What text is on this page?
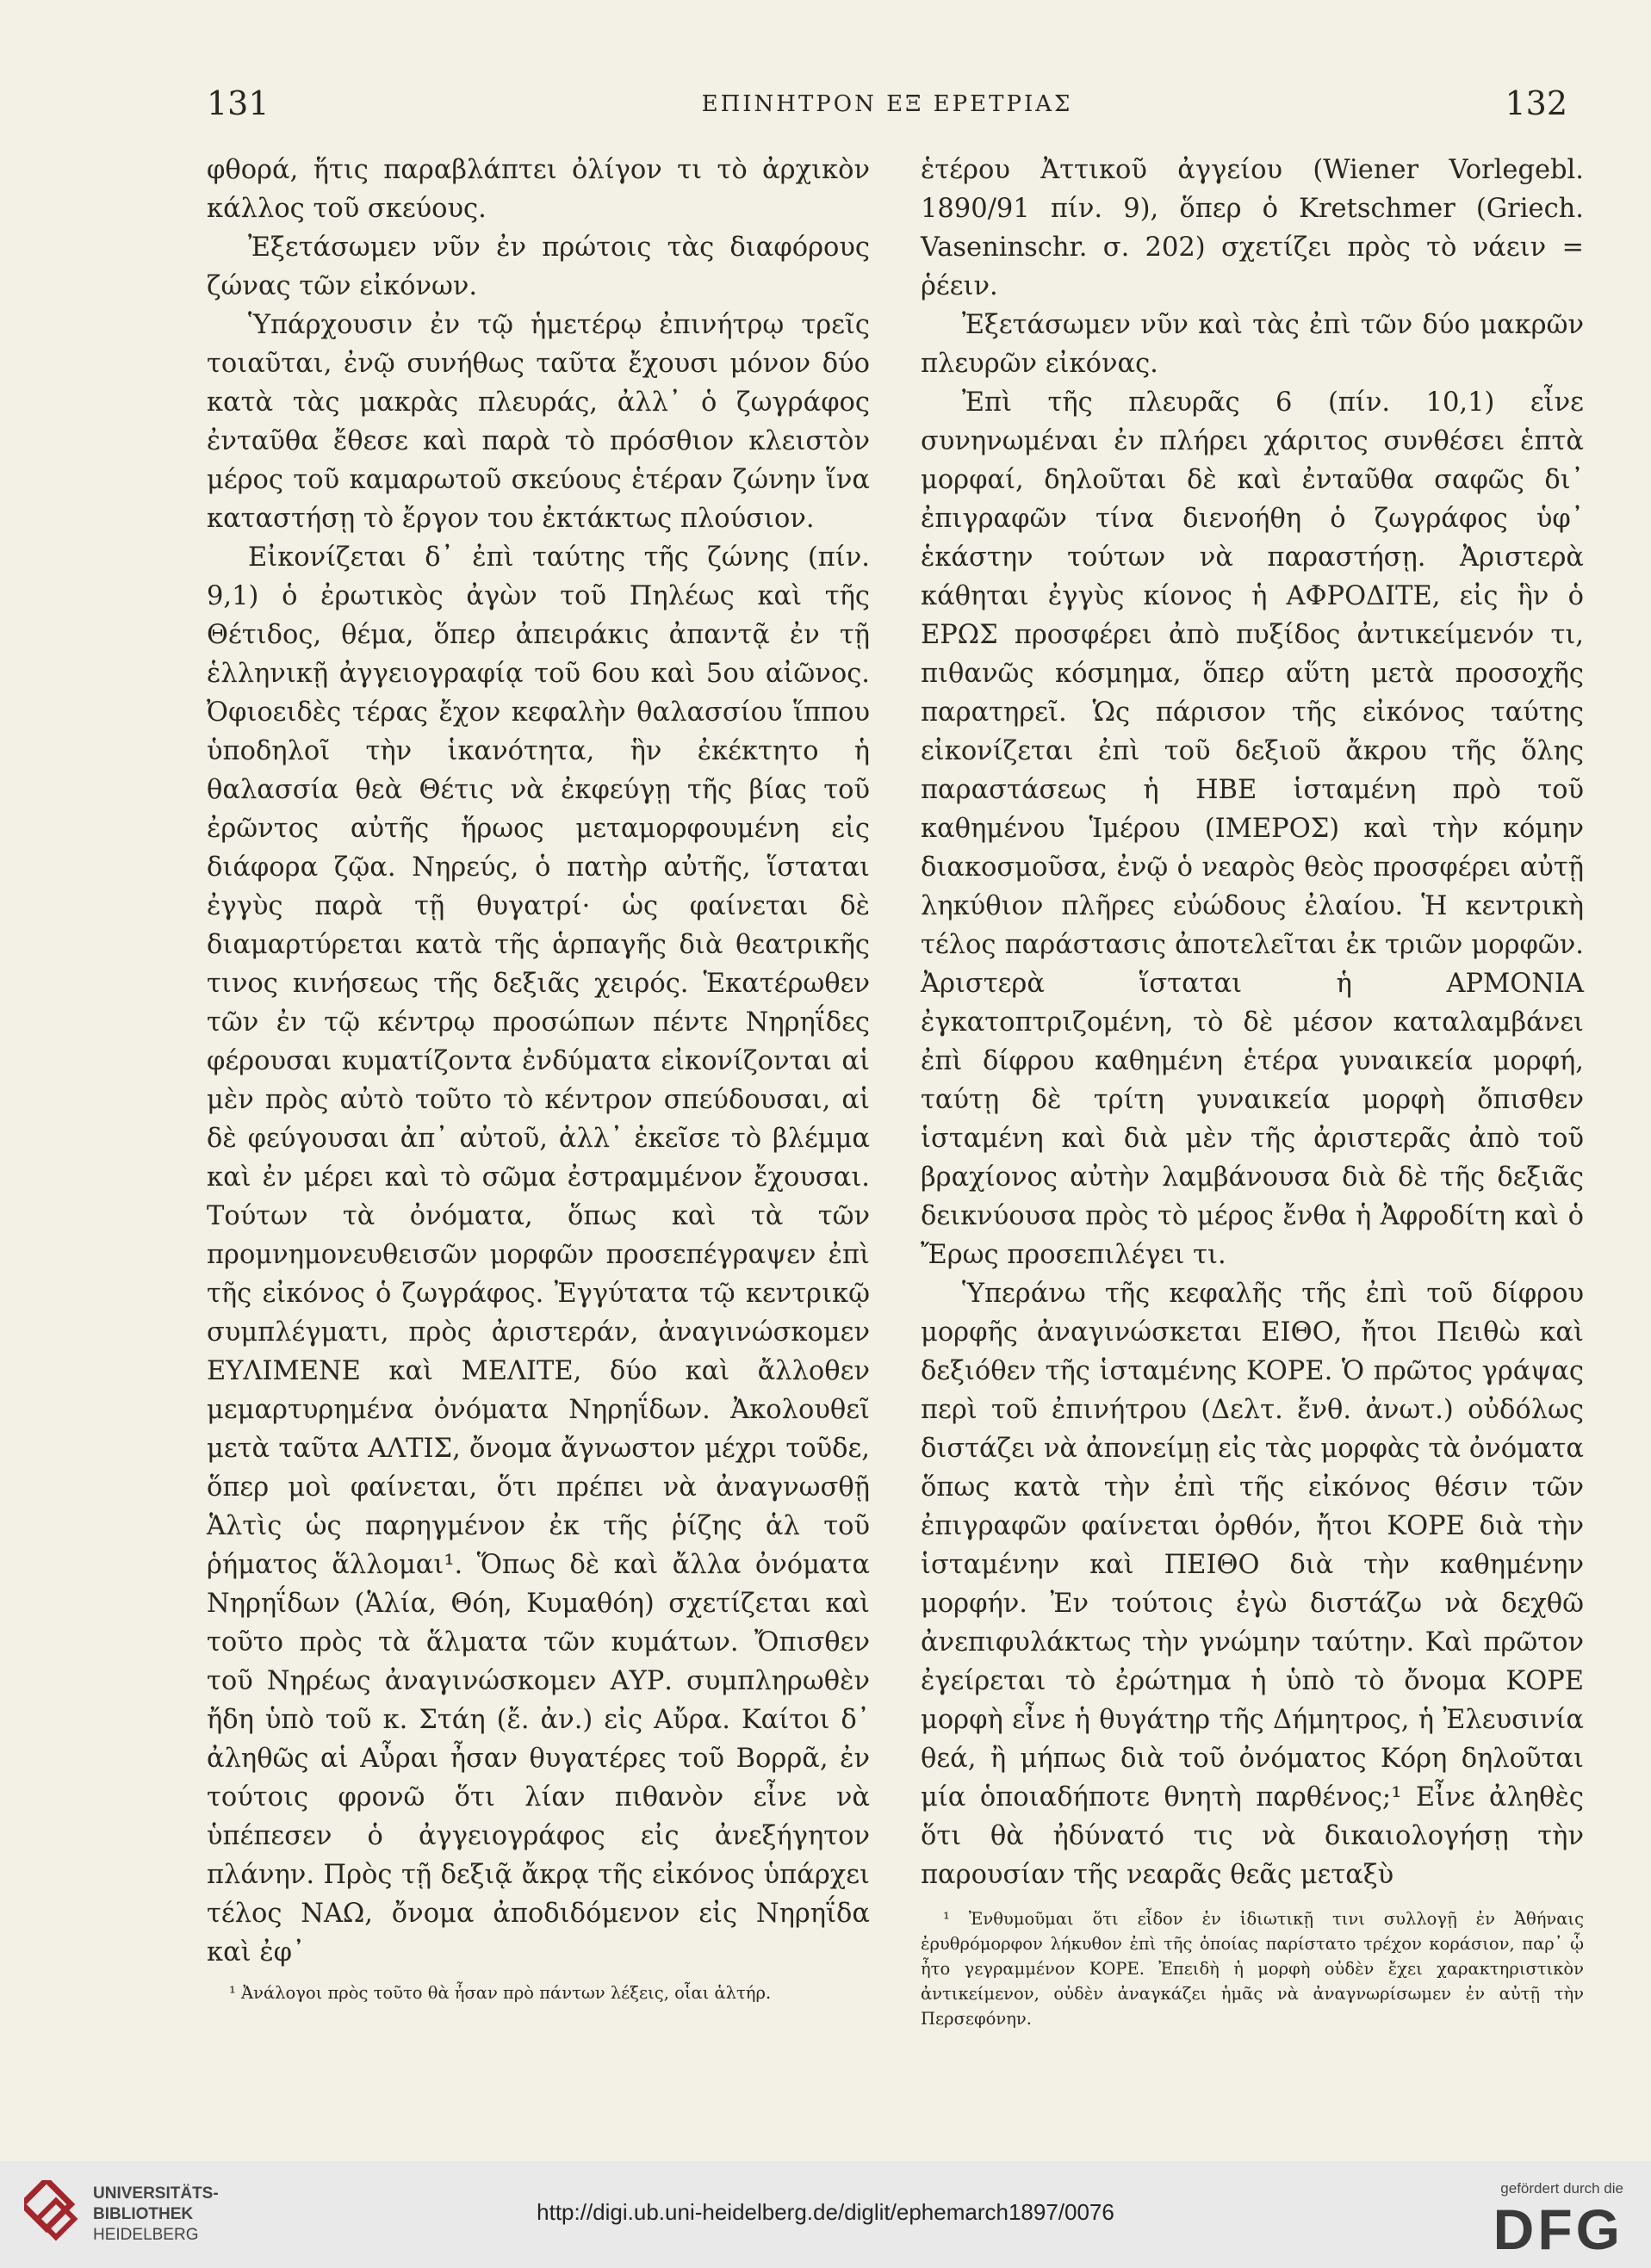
131	ΕΠΙΝΗΤΡΟΝ ΕΞ ΕΡΕΤΡΙΑΣ	132

φθορά, ἥτις παραβλάπτει ὀλίγον τι τὸ ἀρχικὸν κάλλος τοῦ σκεύους.

Ἐξετάσωμεν νῦν ἐν πρώτοις τὰς διαφόρους ζώνας τῶν εἰκόνων.

Ὑπάρχουσιν ἐν τῷ ἡμετέρῳ ἐπινήτρῳ τρεῖς τοιαῦται, ἐνῷ συνήθως ταῦτα ἔχουσι μόνον δύο κατὰ τὰς μακρὰς πλευράς, ἀλλ᾽ ὁ ζωγράφος ἐνταῦθα ἔθεσε καὶ παρὰ τὸ πρόσθιον κλειστὸν μέρος τοῦ καμαρωτοῦ σκεύους ἑτέραν ζώνην ἵνα καταστήσῃ τὸ ἔργον του ἐκτάκτως πλούσιον.

Εἰκονίζεται δ᾽ ἐπὶ ταύτης τῆς ζώνης (πίν. 9,1) ὁ ἐρωτικὸς ἀγὼν τοῦ Πηλέως καὶ τῆς Θέτιδος, θέμα, ὅπερ ἀπειράκις ἀπαντᾷ ἐν τῇ ἑλληνικῇ ἀγγειογραφίᾳ τοῦ 6ου καὶ 5ου αἰῶνος. Ὀφιοειδὲς τέρας ἔχον κεφαλὴν θαλασσίου ἵππου ὑποδηλοῖ τὴν ἱκανότητα, ἣν ἐκέκτητο ἡ θαλασσία θεὰ Θέτις νὰ ἐκφεύγῃ τῆς βίας τοῦ ἐρῶντος αὐτῆς ἥρωος μεταμορφουμένη εἰς διάφορα ζῷα. Νηρεύς, ὁ πατὴρ αὐτῆς, ἵσταται ἐγγὺς παρὰ τῇ θυγατρί· ὡς φαίνεται δὲ διαμαρτύρεται κατὰ τῆς ἁρπαγῆς διὰ θεατρικῆς τινος κινήσεως τῆς δεξιᾶς χειρός. Ἑκατέρωθεν τῶν ἐν τῷ κέντρῳ προσώπων πέντε Νηρηΐδες φέρουσαι κυματίζοντα ἐνδύματα εἰκονίζονται αἱ μὲν πρὸς αὐτὸ τοῦτο τὸ κέντρον σπεύδουσαι, αἱ δὲ φεύγουσαι ἀπ᾽ αὐτοῦ, ἀλλ᾽ ἐκεῖσε τὸ βλέμμα καὶ ἐν μέρει καὶ τὸ σῶμα ἐστραμμένον ἔχουσαι. Τούτων τὰ ὀνόματα, ὅπως καὶ τὰ τῶν προμνημονευθεισῶν μορφῶν προσεπέγραψεν ἐπὶ τῆς εἰκόνος ὁ ζωγράφος. Ἐγγύτατα τῷ κεντρικῷ συμπλέγματι, πρὸς ἀριστεράν, ἀναγινώσκομεν ΕΥΛΙΜΕΝΕ καὶ ΜΕΛΙΤΕ, δύο καὶ ἄλλοθεν μεμαρτυρημένα ὀνόματα Νηρηΐδων. Ἀκολουθεῖ μετὰ ταῦτα ΑΛΤΙΣ, ὄνομα ἄγνωστον μέχρι τοῦδε, ὅπερ μοὶ φαίνεται, ὅτι πρέπει νὰ ἀναγνωσθῇ Ἁλτὶς ὡς παρηγμένον ἐκ τῆς ῥίζης ἁλ τοῦ ῥήματος ἅλλομαι¹. Ὅπως δὲ καὶ ἄλλα ὀνόματα Νηρηΐδων (Ἁλία, Θόη, Κυμαθόη) σχετίζεται καὶ τοῦτο πρὸς τὰ ἅλματα τῶν κυμάτων. Ὄπισθεν τοῦ Νηρέως ἀναγινώσκομεν ΑΥΡ. συμπληρωθὲν ἤδη ὑπὸ τοῦ κ. Στάη (ἔ. ἀν.) εἰς Αὔρα. Καίτοι δ᾽ ἀληθῶς αἱ Αὖραι ἦσαν θυγατέρες τοῦ Βορρᾶ, ἐν τούτοις φρονῶ ὅτι λίαν πιθανὸν εἶνε νὰ ὑπέπεσεν ὁ ἀγγειογράφος εἰς ἀνεξήγητον πλάνην. Πρὸς τῇ δεξιᾷ ἄκρᾳ τῆς εἰκόνος ὑπάρχει τέλος ΝΑΩ, ὄνομα ἀποδιδόμενον εἰς Νηρηΐδα καὶ ἐφ᾽

¹ Ἀνάλογοι πρὸς τοῦτο θὰ ἦσαν πρὸ πάντων λέξεις, οἷαι ἁλτήρ.

ἑτέρου Ἀττικοῦ ἀγγείου (Wiener Vorlegebl. 1890/91 πίν. 9), ὅπερ ὁ Kretschmer (Griech. Vaseninschr. σ. 202) σχετίζει πρὸς τὸ νάειν = ῥέειν.

Ἐξετάσωμεν νῦν καὶ τὰς ἐπὶ τῶν δύο μακρῶν πλευρῶν εἰκόνας.

Ἐπὶ τῆς πλευρᾶς 6 (πίν. 10,1) εἶνε συνηνωμέναι ἐν πλήρει χάριτος συνθέσει ἑπτὰ μορφαί, δηλοῦται δὲ καὶ ἐνταῦθα σαφῶς δι᾽ ἐπιγραφῶν τίνα διενοήθη ὁ ζωγράφος ὑφ᾽ ἑκάστην τούτων νὰ παραστήσῃ. Ἀριστερὰ κάθηται ἐγγὺς κίονος ἡ ΑΦΡΟΔΙΤΕ, εἰς ἣν ὁ ΕΡΩΣ προσφέρει ἀπὸ πυξίδος ἀντικείμενόν τι, πιθανῶς κόσμημα, ὅπερ αὕτη μετὰ προσοχῆς παρατηρεῖ. Ὡς πάρισον τῆς εἰκόνος ταύτης εἰκονίζεται ἐπὶ τοῦ δεξιοῦ ἄκρου τῆς ὅλης παραστάσεως ἡ ΗΒΕ ἱσταμένη πρὸ τοῦ καθημένου Ἱμέρου (ΙΜΕΡΟΣ) καὶ τὴν κόμην διακοσμοῦσα, ἐνῷ ὁ νεαρὸς θεὸς προσφέρει αὐτῇ ληκύθιον πλῆρες εὐώδους ἐλαίου. Ἡ κεντρικὴ τέλος παράστασις ἀποτελεῖται ἐκ τριῶν μορφῶν. Ἀριστερὰ ἵσταται ἡ ΑΡΜΟΝΙΑ ἐγκατοπτριζομένη, τὸ δὲ μέσον καταλαμβάνει ἐπὶ δίφρου καθημένη ἑτέρα γυναικεία μορφή, ταύτῃ δὲ τρίτη γυναικεία μορφὴ ὄπισθεν ἱσταμένη καὶ διὰ μὲν τῆς ἀριστερᾶς ἀπὸ τοῦ βραχίονος αὐτὴν λαμβάνουσα διὰ δὲ τῆς δεξιᾶς δεικνύουσα πρὸς τὸ μέρος ἔνθα ἡ Ἀφροδίτη καὶ ὁ Ἔρως προσεπιλέγει τι.

Ὑπεράνω τῆς κεφαλῆς τῆς ἐπὶ τοῦ δίφρου μορφῆς ἀναγινώσκεται ΕΙΘΟ, ἤτοι Πειθὼ καὶ δεξιόθεν τῆς ἱσταμένης ΚΟΡΕ. Ὁ πρῶτος γράψας περὶ τοῦ ἐπινήτρου (Δελτ. ἔνθ. ἀνωτ.) οὐδόλως διστάζει νὰ ἀπονείμῃ εἰς τὰς μορφὰς τὰ ὀνόματα ὅπως κατὰ τὴν ἐπὶ τῆς εἰκόνος θέσιν τῶν ἐπιγραφῶν φαίνεται ὀρθόν, ἤτοι ΚΟΡΕ διὰ τὴν ἱσταμένην καὶ ΠΕΙΘΟ διὰ τὴν καθημένην μορφήν. Ἐν τούτοις ἐγὼ διστάζω νὰ δεχθῶ ἀνεπιφυλάκτως τὴν γνώμην ταύτην. Καὶ πρῶτον ἐγείρεται τὸ ἐρώτημα ἡ ὑπὸ τὸ ὄνομα ΚΟΡΕ μορφὴ εἶνε ἡ θυγάτηρ τῆς Δήμητρος, ἡ Ἐλευσινία θεά, ἢ μήπως διὰ τοῦ ὀνόματος Κόρη δηλοῦται μία ὁποιαδήποτε θνητὴ παρθένος;¹ Εἶνε ἀληθὲς ὅτι θὰ ἠδύνατό τις νὰ δικαιολογήσῃ τὴν παρουσίαν τῆς νεαρᾶς θεᾶς μεταξὺ

¹ Ἐνθυμοῦμαι ὅτι εἶδον ἐν ἰδιωτικῇ τινι συλλογῇ ἐν Ἀθήναις ἐρυθρόμορφον λήκυθον ἐπὶ τῆς ὁποίας παρίστατο τρέχον κοράσιον, παρ᾽ ᾧ ἦτο γεγραμμένον ΚΟΡΕ. Ἐπειδὴ ἡ μορφὴ οὐδὲν ἔχει χαρακτηριστικὸν ἀντικείμενον, οὐδὲν ἀναγκάζει ἡμᾶς νὰ ἀναγνωρίσωμεν ἐν αὐτῇ τὴν Περσεφόνην.

UNIVERSITÄTS-
BIBLIOTHEK
HEIDELBERG
http://digi.ub.uni-heidelberg.de/diglit/ephemarch1897/0076
gefördert durch die
DFG
